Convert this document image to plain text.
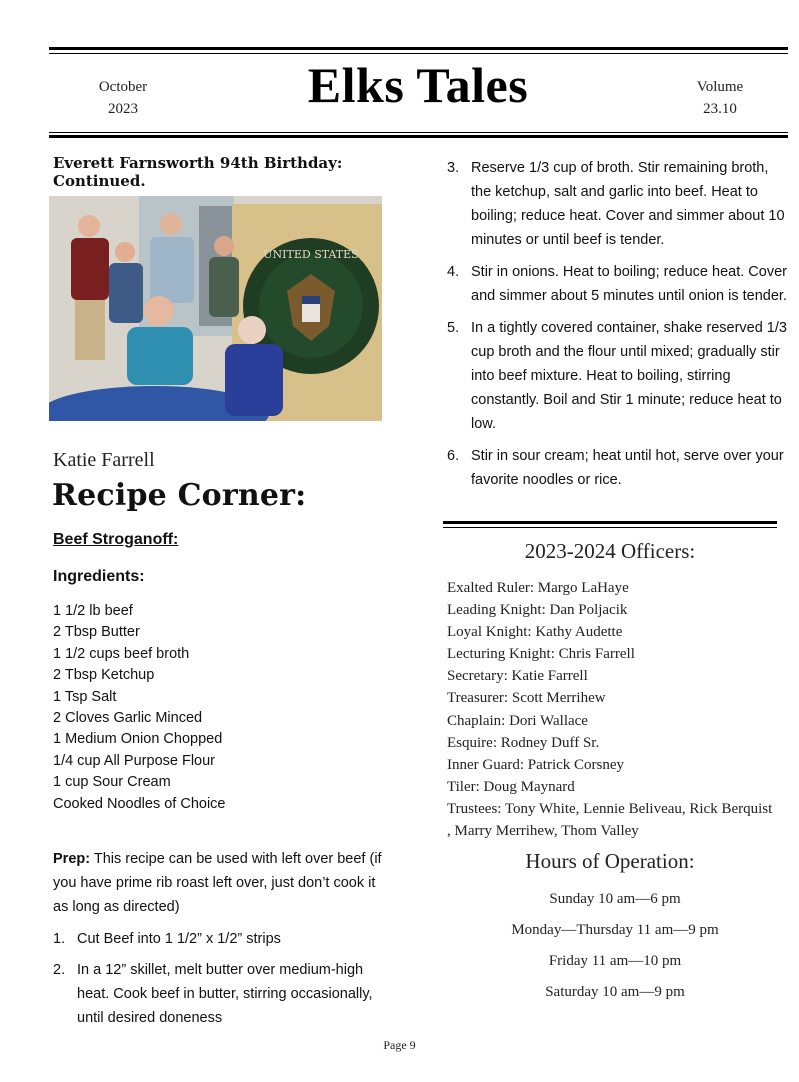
October
2023	Elks Tales	Volume
23.10
Everett Farnsworth 94th Birthday: Continued.
UNITED STATES
Katie Farrell
Recipe Corner:
Beef Stroganoff:
Ingredients:
1 1/2 lb beef
2 Tbsp Butter
1 1/2 cups beef broth
2 Tbsp Ketchup
1 Tsp Salt
2 Cloves Garlic Minced
1 Medium Onion Chopped
1/4 cup All Purpose Flour
1 cup Sour Cream
Cooked Noodles of Choice
Prep: This recipe can be used with left over beef (if you have prime rib roast left over, just don’t cook it as long as directed)
1. Cut Beef into 1 1/2” x 1/2” strips
2. In a 12” skillet, melt butter over medium-high heat. Cook beef in butter, stirring occasionally, until desired doneness
3. Reserve 1/3 cup of broth. Stir remaining broth, the ketchup, salt and garlic into beef. Heat to boiling; reduce heat. Cover and simmer about 10 minutes or until beef is tender.
4. Stir in onions. Heat to boiling; reduce heat. Cover and simmer about 5 minutes until onion is tender.
5. In a tightly covered container, shake reserved 1/3 cup broth and the flour until mixed; gradually stir into beef mixture. Heat to boiling, stirring constantly. Boil and Stir 1 minute; reduce heat to low.
6. Stir in sour cream; heat until hot, serve over your favorite noodles or rice.
2023-2024 Officers:
Exalted Ruler: Margo LaHaye
Leading Knight: Dan Poljacik
Loyal Knight: Kathy Audette
Lecturing Knight: Chris Farrell
Secretary: Katie Farrell
Treasurer: Scott Merrihew
Chaplain: Dori Wallace
Esquire: Rodney Duff Sr.
Inner Guard: Patrick Corsney
Tiler: Doug Maynard
Trustees: Tony White, Lennie Beliveau, Rick Berquist , Marry Merrihew, Thom Valley
Hours of Operation:
Sunday 10 am—6 pm
Monday—Thursday 11 am—9 pm
Friday 11 am—10 pm
Saturday 10 am—9 pm
Page 9
